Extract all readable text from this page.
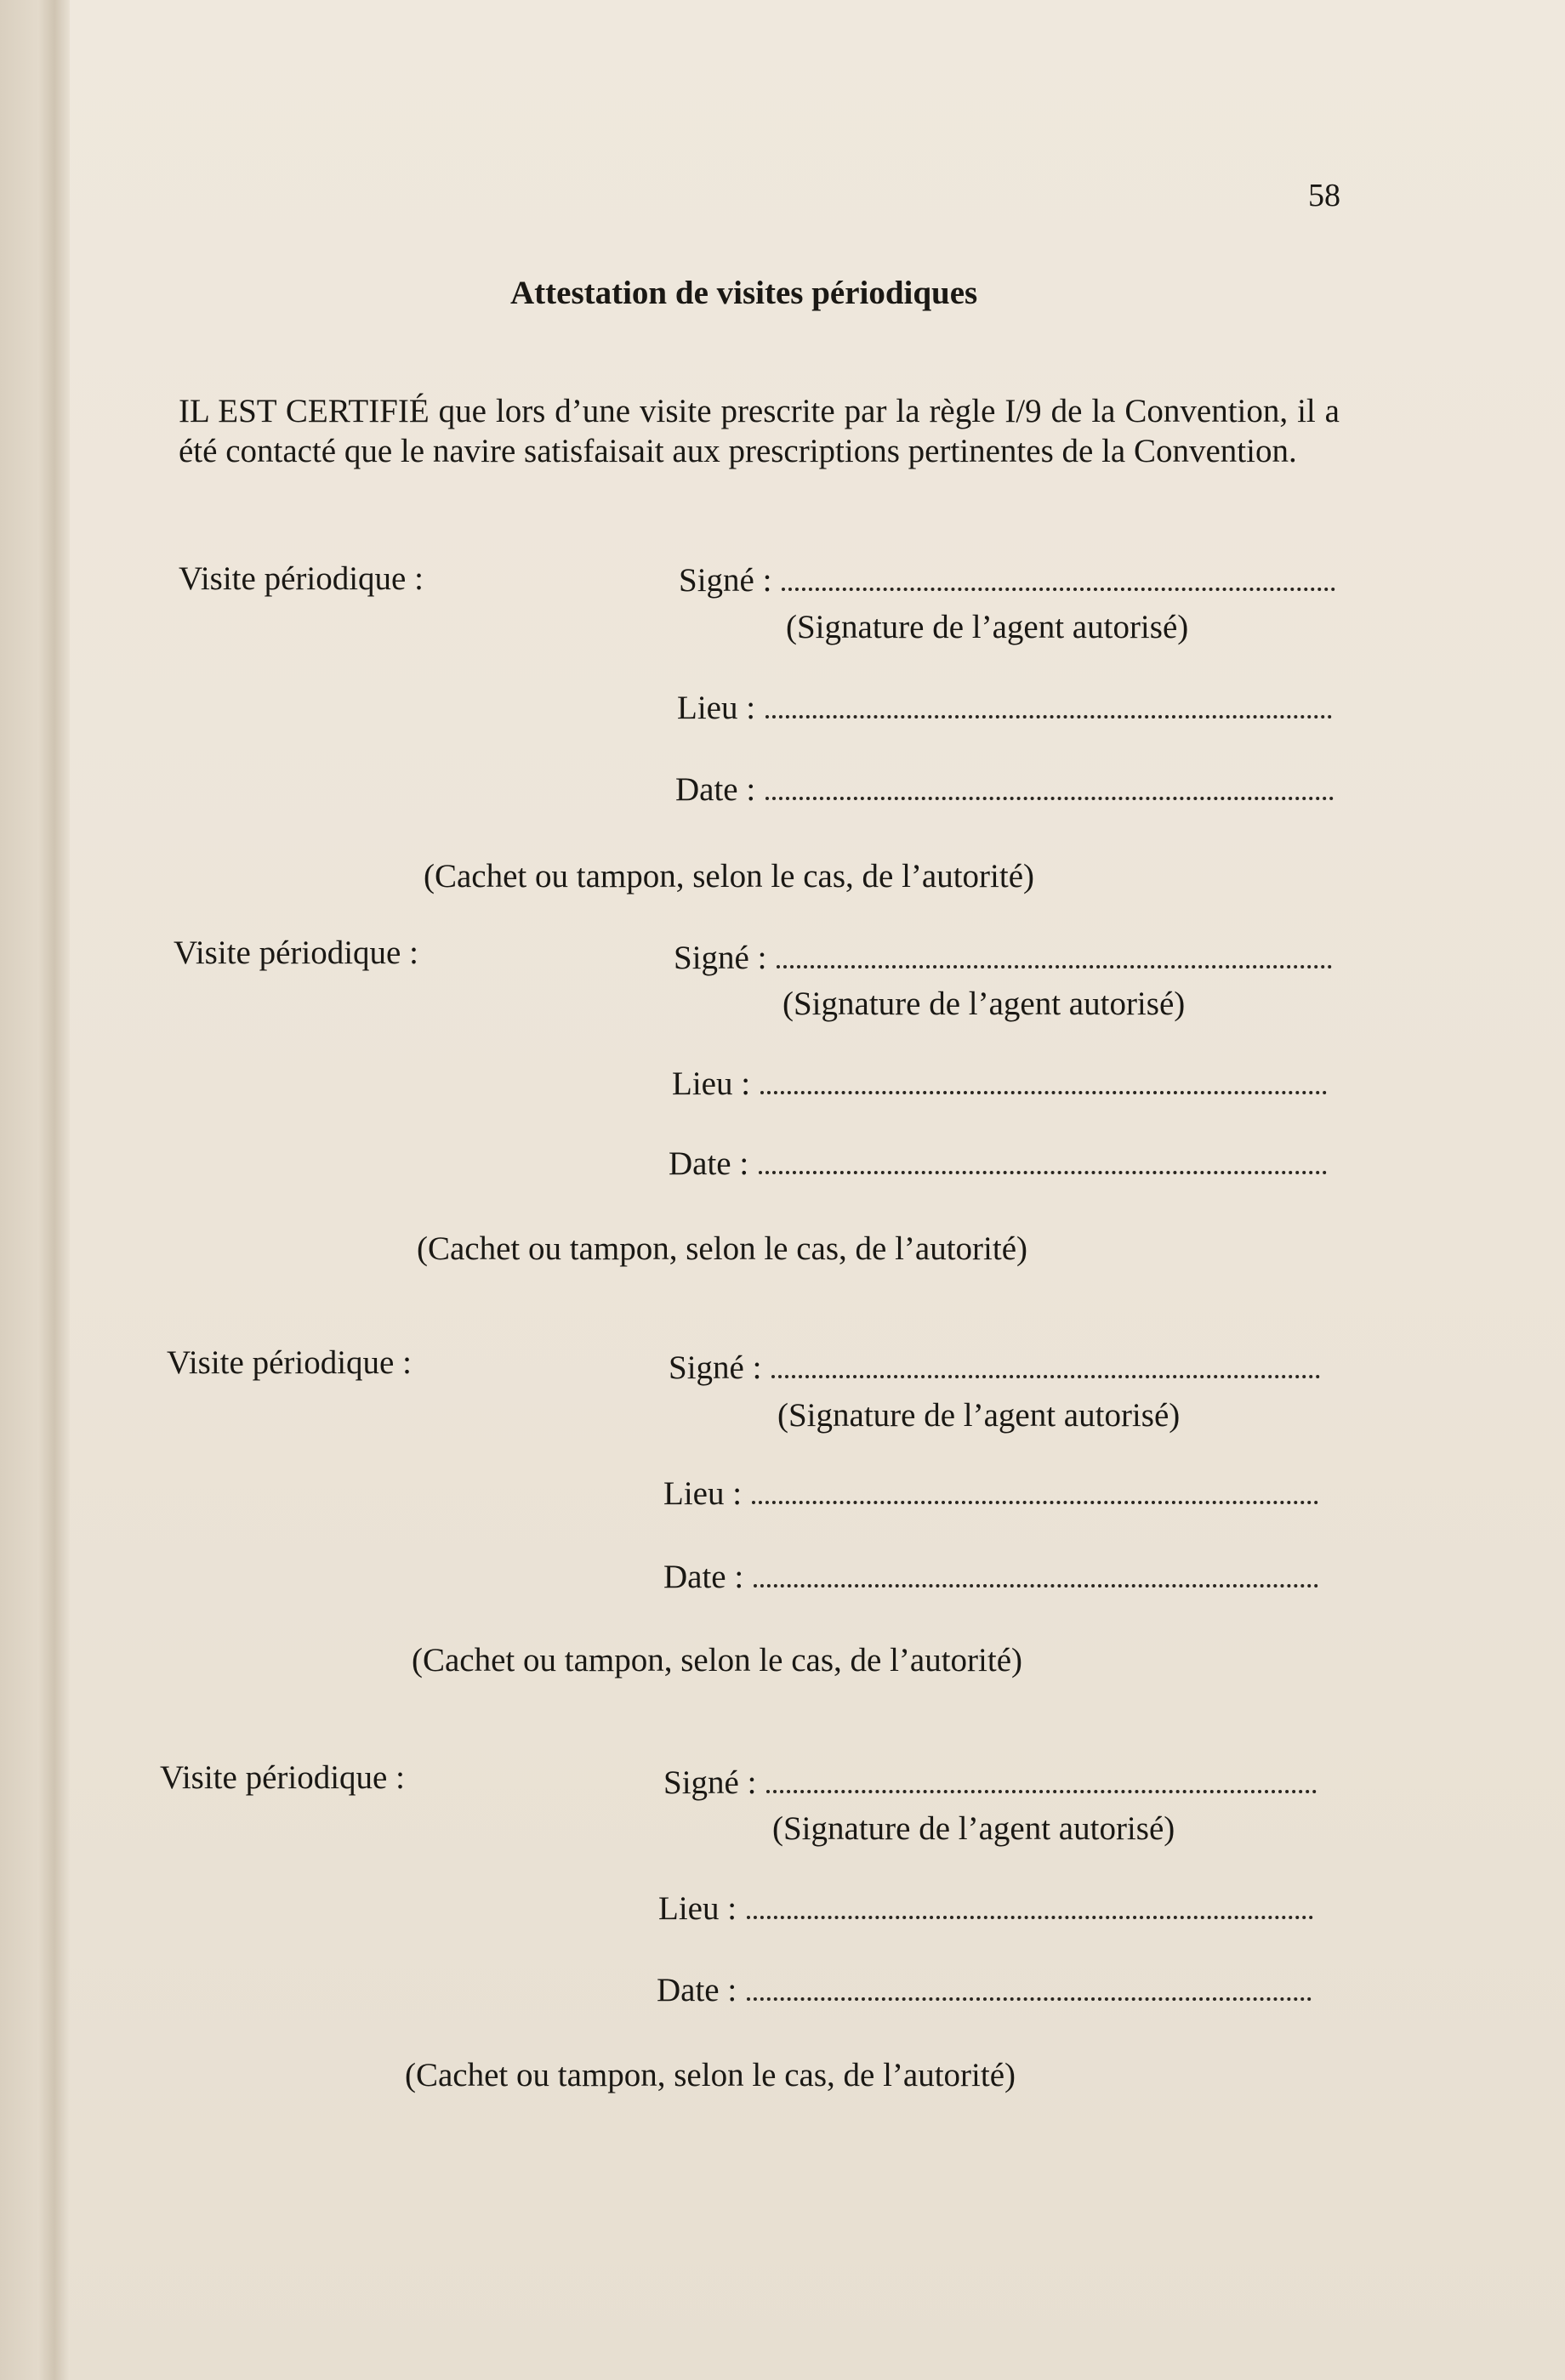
58
Attestation de visites périodiques
IL EST CERTIFIÉ que lors d’une visite prescrite par la règle I/9 de la Convention, il a été contacté que le navire satisfaisait aux prescriptions pertinentes de la Convention.
Visite périodique :	Signé :
(Signature de l’agent autorisé)
Lieu :
Date :
(Cachet ou tampon, selon le cas, de l’autorité)
Visite périodique :	Signé :
(Signature de l’agent autorisé)
Lieu :
Date :
(Cachet ou tampon, selon le cas, de l’autorité)
Visite périodique :	Signé :
(Signature de l’agent autorisé)
Lieu :
Date :
(Cachet ou tampon, selon le cas, de l’autorité)
Visite périodique :	Signé :
(Signature de l’agent autorisé)
Lieu :
Date :
(Cachet ou tampon, selon le cas, de l’autorité)
